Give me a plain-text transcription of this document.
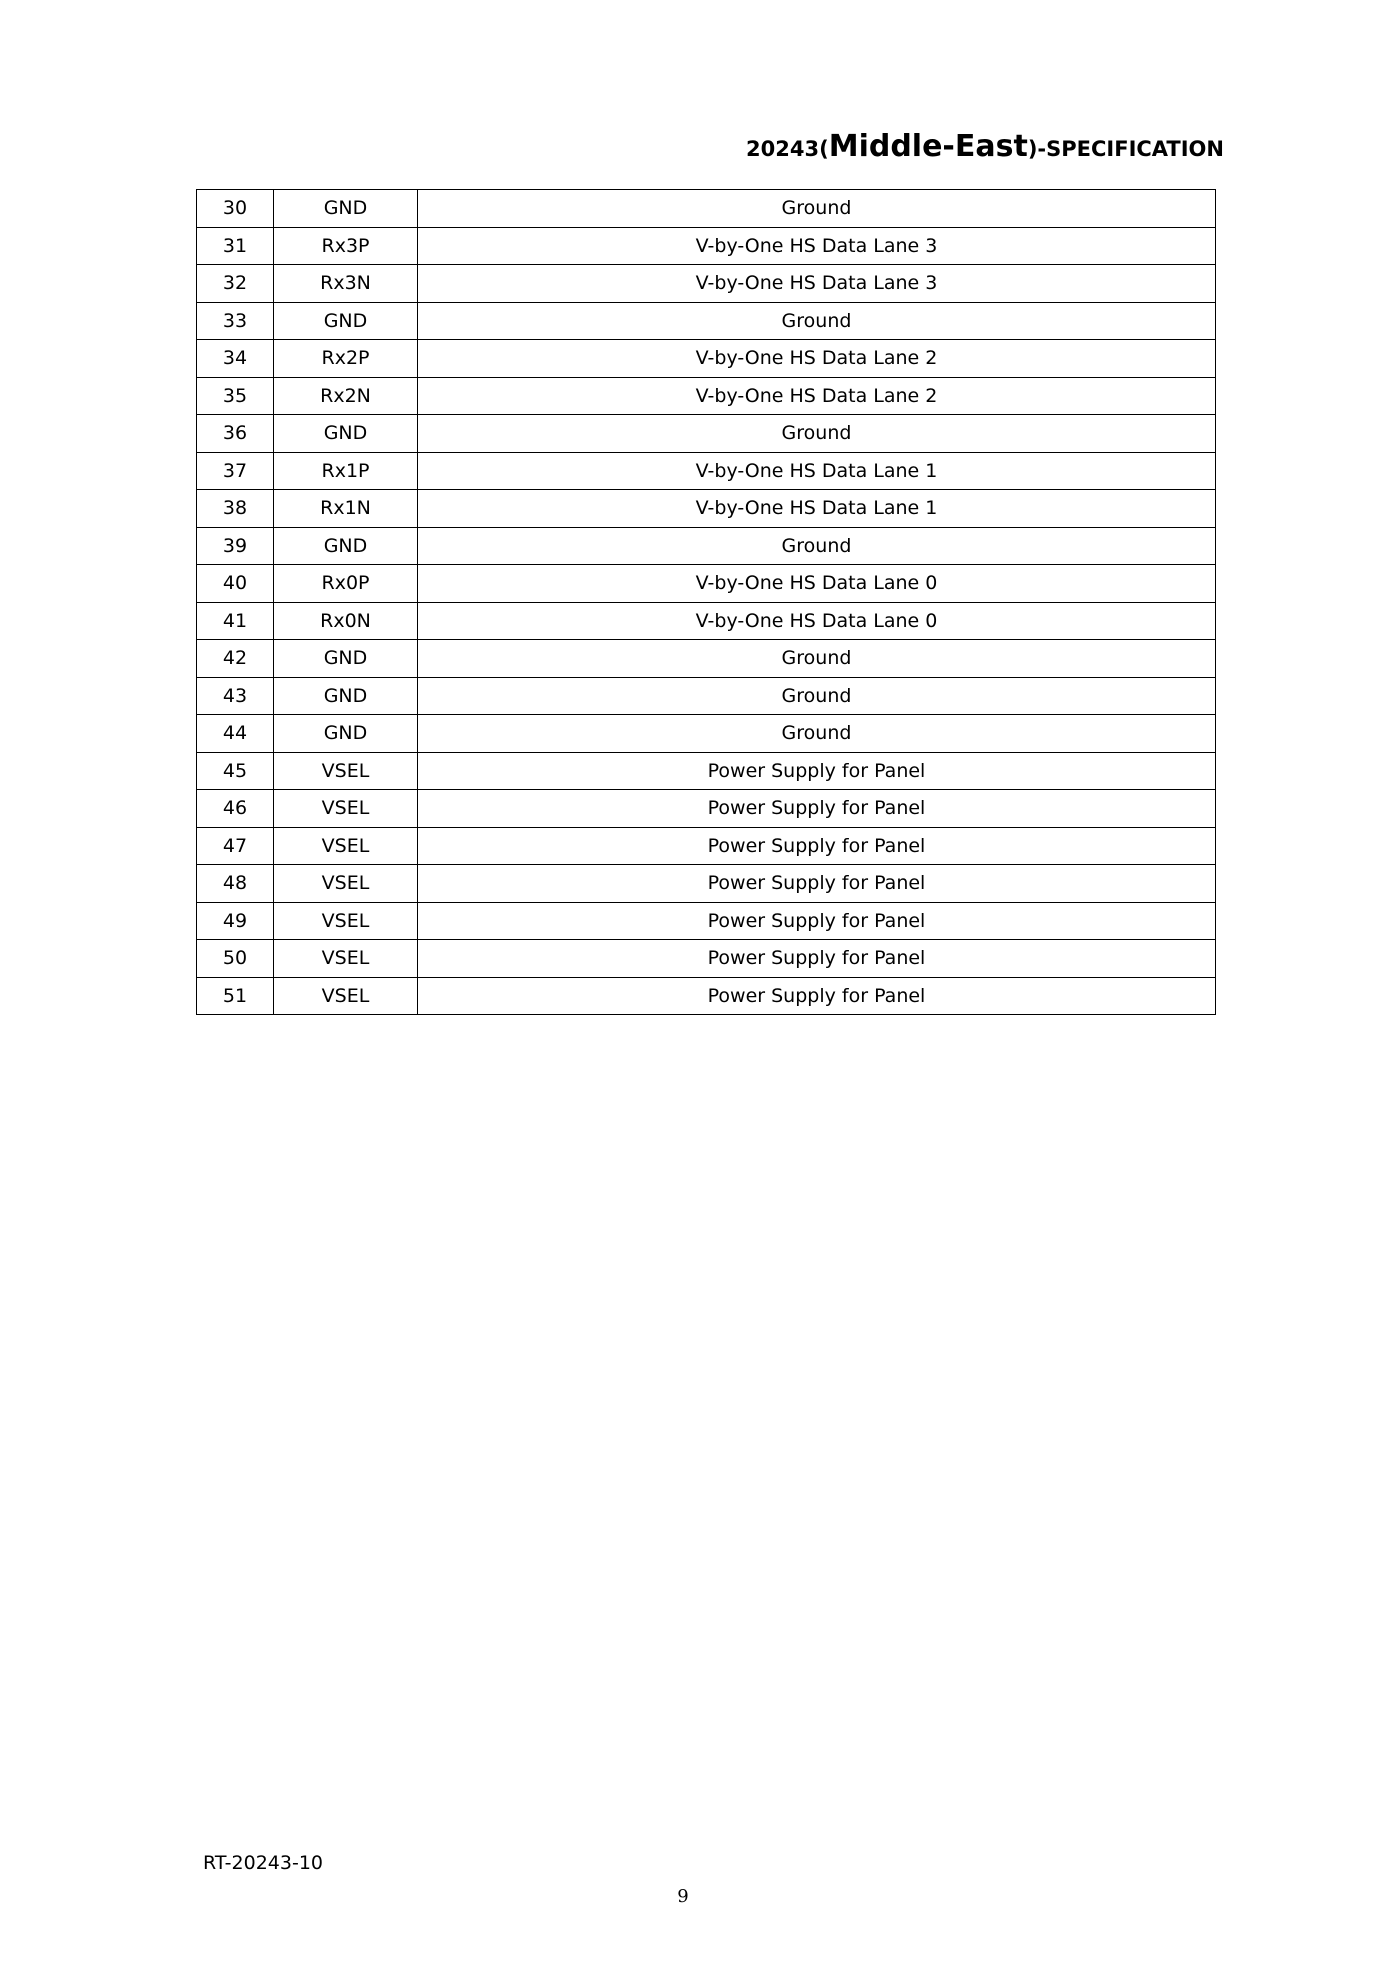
20243(Middle-East)-SPECIFICATION
30	GND	Ground
31	Rx3P	V-by-One HS Data Lane 3
32	Rx3N	V-by-One HS Data Lane 3
33	GND	Ground
34	Rx2P	V-by-One HS Data Lane 2
35	Rx2N	V-by-One HS Data Lane 2
36	GND	Ground
37	Rx1P	V-by-One HS Data Lane 1
38	Rx1N	V-by-One HS Data Lane 1
39	GND	Ground
40	Rx0P	V-by-One HS Data Lane 0
41	Rx0N	V-by-One HS Data Lane 0
42	GND	Ground
43	GND	Ground
44	GND	Ground
45	VSEL	Power Supply for Panel
46	VSEL	Power Supply for Panel
47	VSEL	Power Supply for Panel
48	VSEL	Power Supply for Panel
49	VSEL	Power Supply for Panel
50	VSEL	Power Supply for Panel
51	VSEL	Power Supply for Panel
RT-20243-10
9
